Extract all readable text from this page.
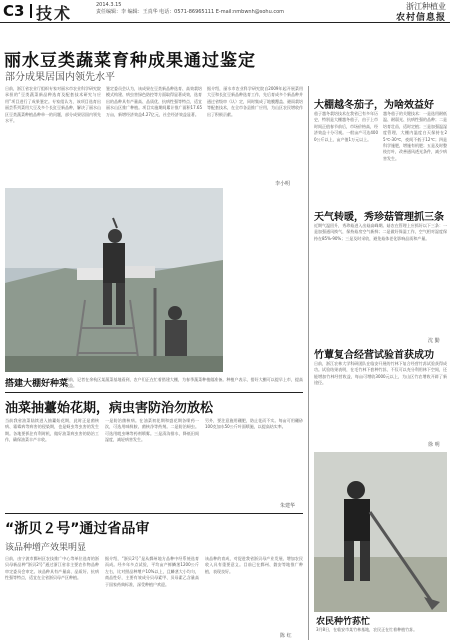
C3 技术	2014.3.15
责任编辑：李 编辑：王真华 电话：0571-86965111 E-mail:nmbwnh@sohu.com
浙江种植业
农村信息报
丽水豆类蔬菜育种成果通过鉴定
部分成果居国内领先水平
日前，浙江省农业厅组织专家对丽水市农业科学研究院承担的“豆类蔬菜新品种选育及配套技术研究与应用”项目进行了成果鉴定。专家组认为，该项目选育出丽芸系列菜用大豆及多个长豇豆新品种，解决了丽水山区豆类蔬菜种植品种单一的问题，部分成果居国内领先水平。
鉴定委员会认为，该成果在豆类新品种选育、高效栽培模式构建、病虫害绿色防控等方面取得显著成效，选育出的品种具有产量高、品质优、抗病性强等特点，适宜丽水山区推广种植。项目实施期间累计推广面积17.65万亩，新增经济效益4.27亿元，社会经济效益显著。
据介绍，丽水市农业科学研究院自2009年起开展菜用大豆和长豇豆新品种选育工作，先后育成多个新品种并通过省级审（认）定，同时集成了地膜覆盖、避雨栽培等配套技术，在全市各县推广应用，为山区农民增收作出了积极贡献。
李小明
搭建大棚好种菜
日前，记者在余杭区某蔬菜基地看到，农户们正在忙着搭建大棚，为春季蔬菜种植做准备。种植户表示，搭好大棚可以提早上市，提高收益。
大棚越冬茄子，为啥效益好
茄子越冬栽培技术在我省已有多年历史，特别是大棚越冬茄子，由于上市时间正值春节前后，市场价格高，经济效益十分可观。一般亩产可达4000公斤以上，亩产值1万元以上。
越冬茄子的关键技术：一是选用耐低温、耐弱光、抗病性强的品种；二是培育壮苗，适时定植；三是加强温湿度管理，大棚内温度白天保持在25℃-30℃，夜间不低于12℃；四是科学施肥，增施有机肥；五是及时整枝打叶，改善通风透光条件，减少病害发生。
天气转暖，秀珍菇管理抓三条
近期气温回升，秀珍菇进入出菇高峰期。菇农在管理上应抓好以下三条：一是加强通风换气，保持菇房空气新鲜；二是做好保湿工作，空气相对湿度保持在85%-90%；三是及时采收，避免菇体老化影响品质和产量。
沈 勤
竹蕈复合经营试验首获成功
日前，浙江农林大学科研团队在临安开展的竹林下复合经营竹荪试验获得成功。试验结果表明，在毛竹林下套种竹荪，不仅可以充分利用林下空间，还能增加竹林经营收益，每亩可增收3000元以上，为山区竹农增收开辟了新途径。
徐 明
农民种竹荪忙
3月8日，在临安市某竹林基地，农民正在忙着种植竹荪。
油菜抽薹始花期，病虫害防治勿放松
当前我省油菜陆续进入抽薹始花期，此时正是菌核病、霜霉病等病害的侵染期，也是蚜虫等虫害的发生期。各地要抓住有利时机，做好油菜病虫害的防治工作，确保油菜丰产丰收。
一是防治菌核病。在油菜初花期和盛花期各喷药一次，可选用咪鲜胺、菌核净等药剂。二是防治蚜虫。可选用吡虫啉等药剂喷雾。三是清沟排水，降低田间湿度，减轻病害发生。
另外，要注意施用硼肥，防止花而不实。每亩可用硼砂100克加水50公斤叶面喷施，以提高结实率。
朱建华
“浙贝２号”通过省品审
该品种增产效果明显
日前，由宁波市鄞州区农技推广中心等单位选育的浙贝母新品种“浙贝2号”通过浙江省非主要农作物品种审定委员会审定。该品种具有产量高、品质好、抗病性强等特点，适宜在全省浙贝母产区种植。
据介绍，“浙贝2号”是从鄞州地方品种中经系统选育而成。经多年多点试验，平均亩产鲜鳞茎1200公斤左右，比对照品种增产10%以上，且鳞茎大小均匀，商品性好，主要有效成分贝母素甲、贝母素乙含量高于国家药典标准，深受种植户欢迎。
该品种的育成，对促进我省浙贝母产业发展、增加农民收入具有重要意义。目前已在鄞州、磐安等地推广种植，表现良好。
陈 红
